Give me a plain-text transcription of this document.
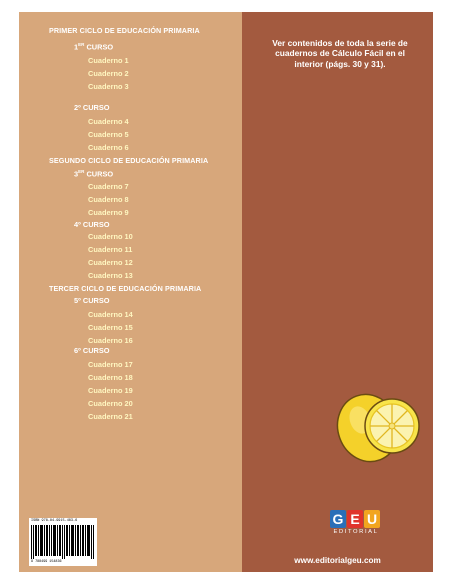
PRIMER CICLO DE EDUCACIÓN PRIMARIA
1ER CURSO
Cuaderno 1
Cuaderno 2
Cuaderno 3
2º CURSO
Cuaderno 4
Cuaderno 5
Cuaderno 6
SEGUNDO CICLO DE EDUCACIÓN PRIMARIA
3ER CURSO
Cuaderno 7
Cuaderno 8
Cuaderno 9
4º CURSO
Cuaderno 10
Cuaderno 11
Cuaderno 12
Cuaderno 13
TERCER CICLO DE EDUCACIÓN PRIMARIA
5º CURSO
Cuaderno 14
Cuaderno 15
Cuaderno 16
6º CURSO
Cuaderno 17
Cuaderno 18
Cuaderno 19
Cuaderno 20
Cuaderno 21
ISBN 978-84-9915-483-6
9 788499 154836
Ver contenidos de toda la serie de cuadernos de Cálculo Fácil en el interior (págs. 30 y 31).
G E U
EDITORIAL
www.editorialgeu.com
